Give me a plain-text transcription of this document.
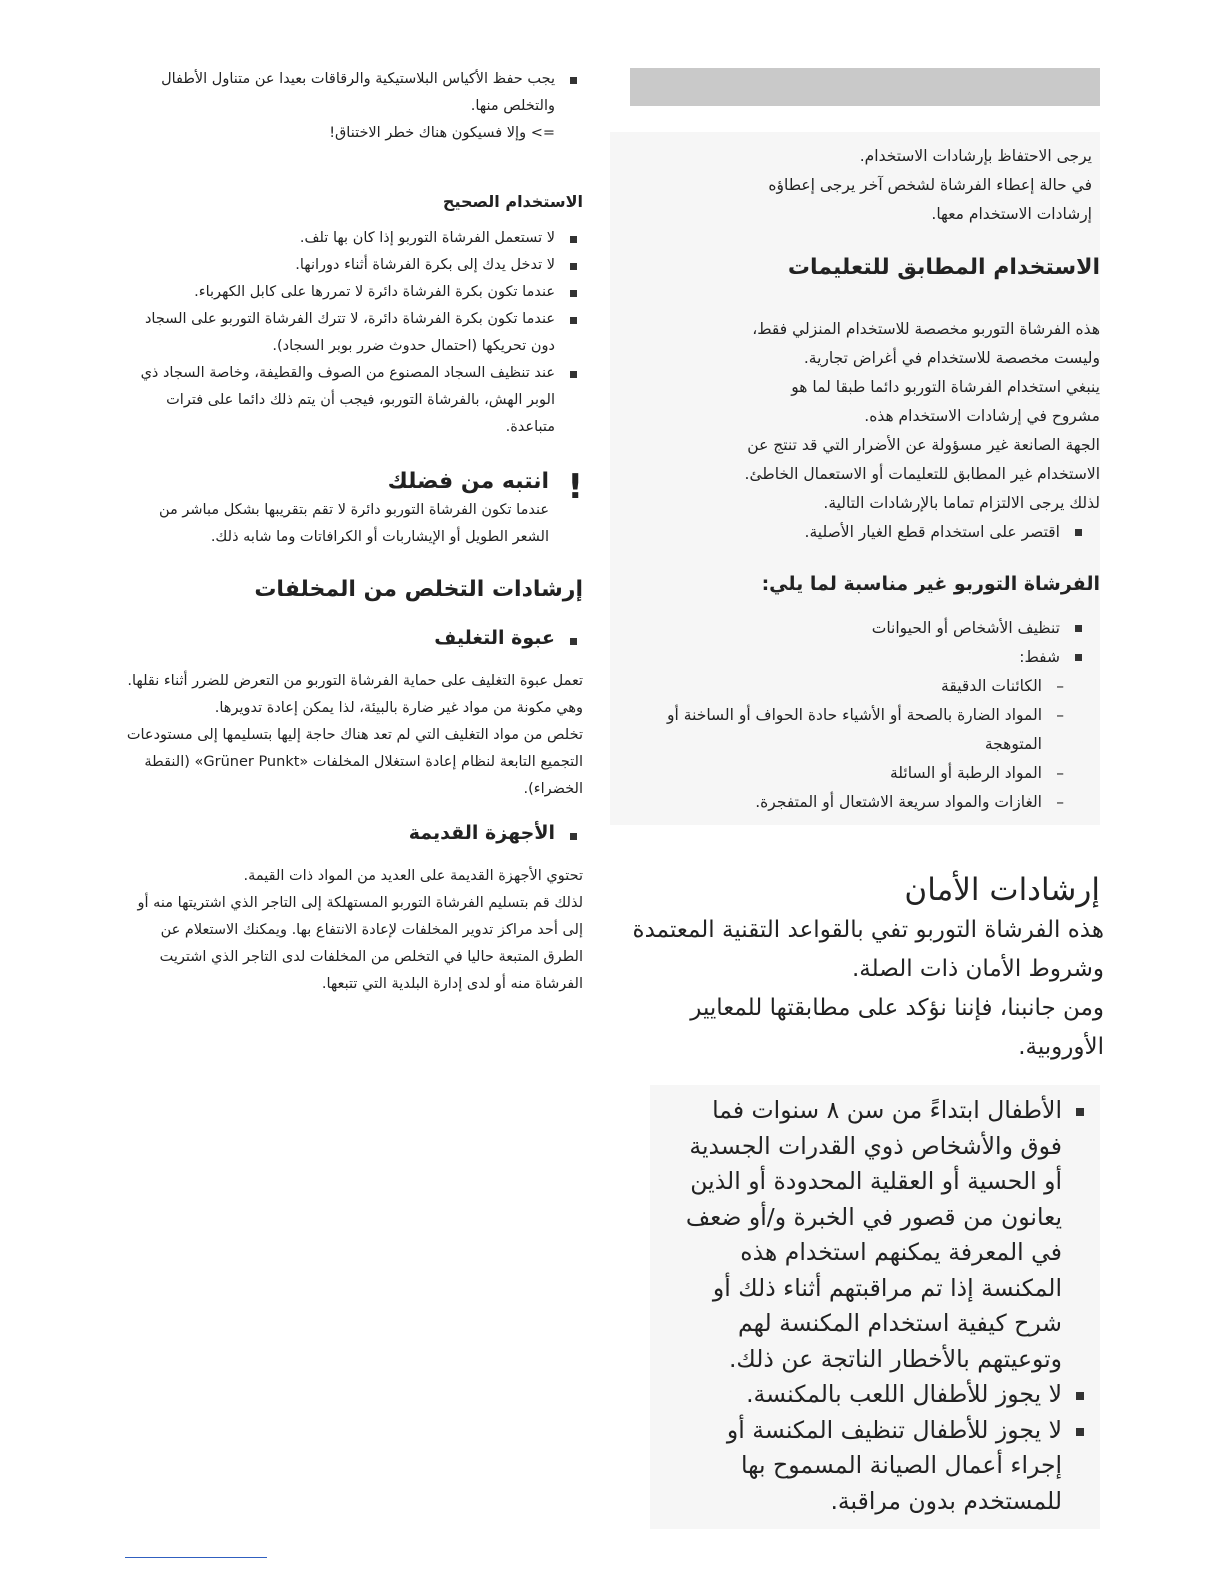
يرجى الاحتفاظ بإرشادات الاستخدام.

في حالة إعطاء الفرشاة لشخص آخر يرجى إعطاؤه

إرشادات الاستخدام معها.

الاستخدام المطابق للتعليمات

هذه الفرشاة التوربو مخصصة للاستخدام المنزلي فقط،

وليست مخصصة للاستخدام في أغراض تجارية.

ينبغي استخدام الفرشاة التوربو دائما طبقا لما هو

مشروح في إرشادات الاستخدام هذه.

الجهة الصانعة غير مسؤولة عن الأضرار التي قد تنتج عن

الاستخدام غير المطابق للتعليمات أو الاستعمال الخاطئ.

لذلك يرجى الالتزام تماما بالإرشادات التالية.

اقتصر على استخدام قطع الغيار الأصلية.
الفرشاة التوربو غير مناسبة لما يلي:
تنظيف الأشخاص أو الحيوانات
شفط:
– الكائنات الدقيقة
– المواد الضارة بالصحة أو الأشياء حادة الحواف أو الساخنة أو المتوهجة
– المواد الرطبة أو السائلة
– الغازات والمواد سريعة الاشتعال أو المتفجرة.
إرشادات الأمان

هذه الفرشاة التوربو تفي بالقواعد التقنية المعتمدة

وشروط الأمان ذات الصلة.

ومن جانبنا، فإننا نؤكد على مطابقتها للمعايير

الأوروبية.

الأطفال ابتداءً من سن ٨ سنوات فما فوق والأشخاص ذوي القدرات الجسدية أو الحسية أو العقلية المحدودة أو الذين يعانون من قصور في الخبرة و/أو ضعف في المعرفة يمكنهم استخدام هذه المكنسة إذا تم مراقبتهم أثناء ذلك أو شرح كيفية استخدام المكنسة لهم وتوعيتهم بالأخطار الناتجة عن ذلك.
لا يجوز للأطفال اللعب بالمكنسة.
لا يجوز للأطفال تنظيف المكنسة أو إجراء أعمال الصيانة المسموح بها للمستخدم بدون مراقبة.
يجب حفظ الأكياس البلاستيكية والرقاقات بعيدا عن متناول الأطفال والتخلص منها.

=> وإلا فسيكون هناك خطر الاختناق!

الاستخدام الصحيح
لا تستعمل الفرشاة التوربو إذا كان بها تلف.
لا تدخل يدك إلى بكرة الفرشاة أثناء دورانها.
عندما تكون بكرة الفرشاة دائرة لا تمررها على كابل الكهرباء.
عندما تكون بكرة الفرشاة دائرة، لا تترك الفرشاة التوربو على السجاد دون تحريكها (احتمال حدوث ضرر بوبر السجاد).
عند تنظيف السجاد المصنوع من الصوف والقطيفة، وخاصة السجاد ذي الوبر الهش، بالفرشاة التوربو، فيجب أن يتم ذلك دائما على فترات متباعدة.
!
انتبه من فضلك

عندما تكون الفرشاة التوربو دائرة لا تقم بتقريبها بشكل مباشر من الشعر الطويل أو الإيشاربات أو الكرافاتات وما شابه ذلك.

إرشادات التخلص من المخلفات
عبوة التغليف

تعمل عبوة التغليف على حماية الفرشاة التوربو من التعرض للضرر أثناء نقلها.

وهي مكونة من مواد غير ضارة بالبيئة، لذا يمكن إعادة تدويرها.

تخلص من مواد التغليف التي لم تعد هناك حاجة إليها بتسليمها إلى مستودعات التجميع التابعة لنظام إعادة استغلال المخلفات «Grüner Punkt» (النقطة الخضراء).

الأجهزة القديمة

تحتوي الأجهزة القديمة على العديد من المواد ذات القيمة.

لذلك قم بتسليم الفرشاة التوربو المستهلكة إلى التاجر الذي اشتريتها منه أو إلى أحد مراكز تدوير المخلفات لإعادة الانتفاع بها. ويمكنك الاستعلام عن الطرق المتبعة حاليا في التخلص من المخلفات لدى التاجر الذي اشتريت الفرشاة منه أو لدى إدارة البلدية التي تتبعها.
